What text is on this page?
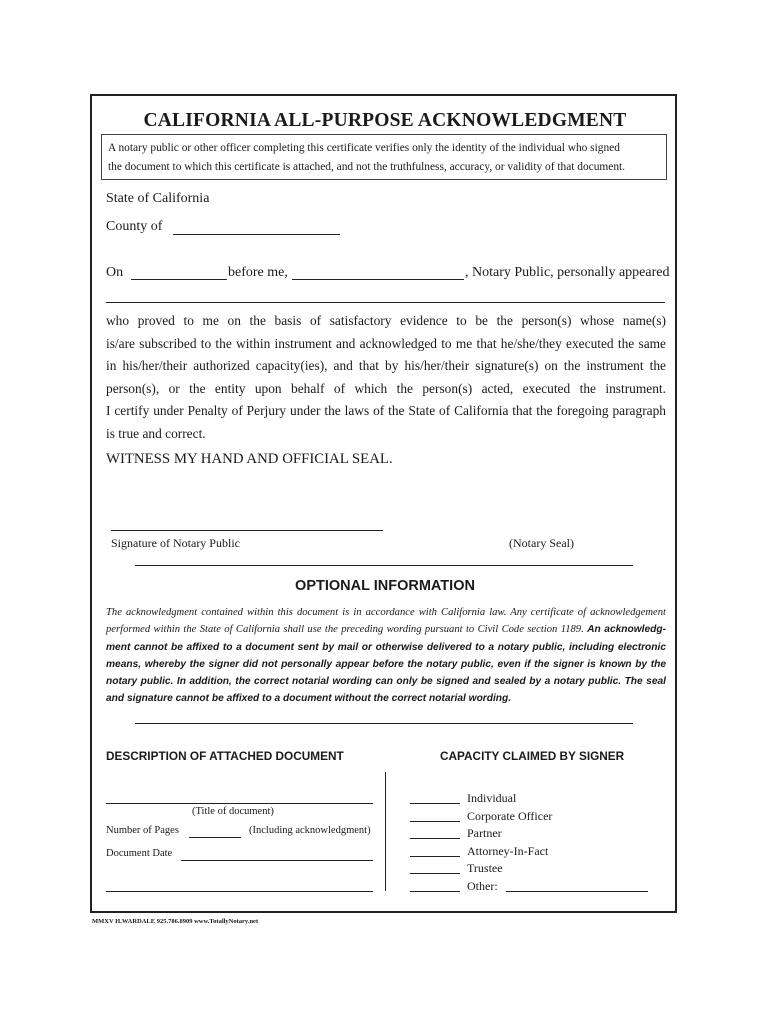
CALIFORNIA ALL-PURPOSE ACKNOWLEDGMENT
A notary public or other officer completing this certificate verifies only the identity of the individual who signed
the document to which this certificate is attached, and not the truthfulness, accuracy, or validity of that document.
State of California
County of
On	before me,	, Notary Public, personally appeared
who proved to me on the basis of satisfactory evidence to be the person(s) whose name(s)
is/are subscribed to the within instrument and acknowledged to me that he/she/they executed the same
in his/her/their authorized capacity(ies), and that by his/her/their signature(s) on the instrument the
person(s), or the entity upon behalf of which the person(s) acted, executed the instrument.
I certify under Penalty of Perjury under the laws of the State of California that the foregoing paragraph
is true and correct.
WITNESS MY HAND AND OFFICIAL SEAL.
Signature of Notary Public	(Notary Seal)
OPTIONAL INFORMATION
The acknowledgment contained within this document is in accordance with California law. Any certificate of acknowledgement
performed within the State of California shall use the preceding wording pursuant to Civil Code section 1189. An acknowledg-
ment cannot be affixed to a document sent by mail or otherwise delivered to a notary public, including electronic
means, whereby the signer did not personally appear before the notary public, even if the signer is known by the
notary public. In addition, the correct notarial wording can only be signed and sealed by a notary public. The seal
and signature cannot be affixed to a document without the correct notarial wording.
DESCRIPTION OF ATTACHED DOCUMENT	CAPACITY CLAIMED BY SIGNER
(Title of document)
Number of Pages	(Including acknowledgment)
Document Date
Individual
Corporate Officer
Partner
Attorney-In-Fact
Trustee
Other:
MMXV H.WARDALE 925.786.8909 www.TotallyNotary.net
